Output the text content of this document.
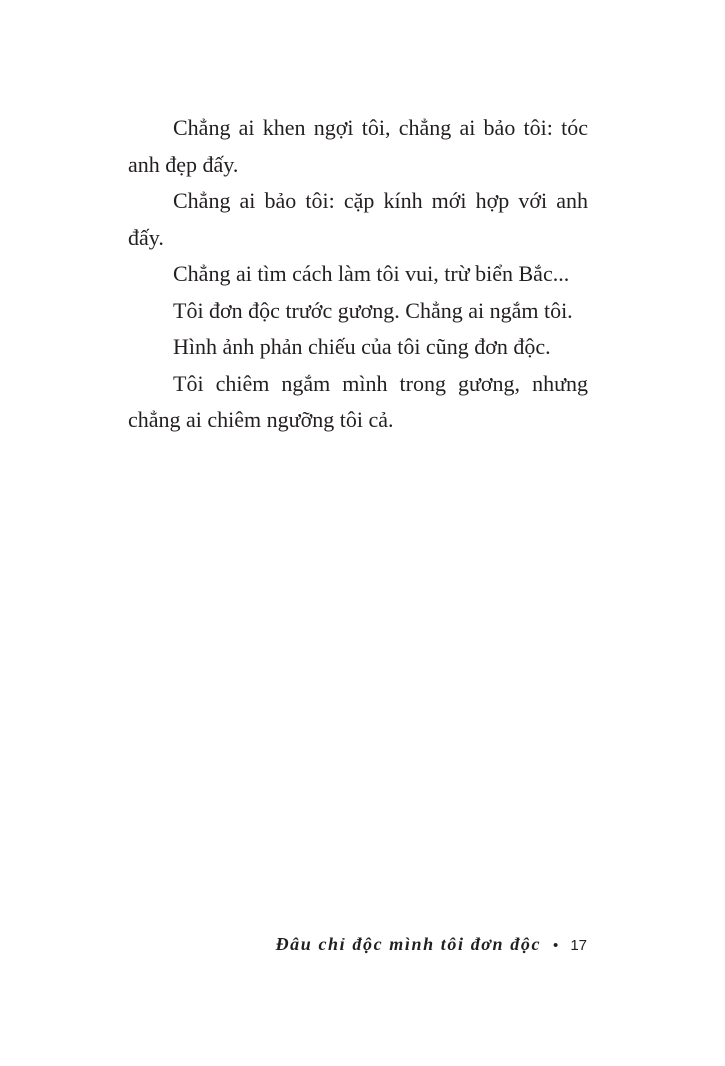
Chẳng ai khen ngợi tôi, chẳng ai bảo tôi: tóc anh đẹp đấy.

Chẳng ai bảo tôi: cặp kính mới hợp với anh đấy.

Chẳng ai tìm cách làm tôi vui, trừ biển Bắc...

Tôi đơn độc trước gương. Chẳng ai ngắm tôi.

Hình ảnh phản chiếu của tôi cũng đơn độc.

Tôi chiêm ngắm mình trong gương, nhưng chẳng ai chiêm ngưỡng tôi cả.

Đâu chỉ độc mình tôi đơn độc • 17
